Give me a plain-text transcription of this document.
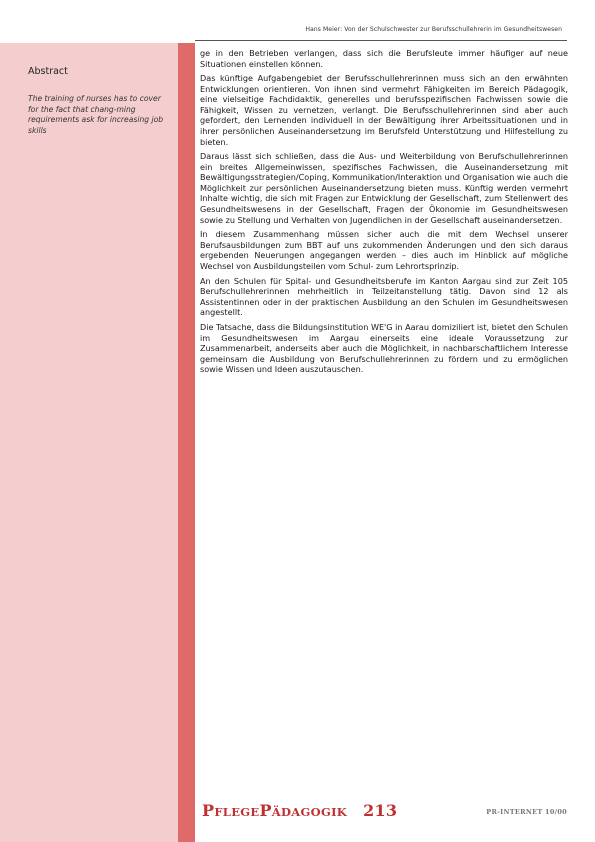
Hans Meier: Von der Schulschwester zur Berufsschullehrerin im Gesundheitswesen
Abstract
The training of nurses has to cover for the fact that chang-ming requirements ask for increasing job skills

ge in den Betrieben verlangen, dass sich die Berufsleute immer häufiger auf neue Situationen einstellen können.

Das künftige Aufgabengebiet der Berufsschullehrerinnen muss sich an den erwähnten Entwicklungen orientieren. Von ihnen sind vermehrt Fähigkeiten im Bereich Pädagogik, eine vielseitige Fachdidaktik, generelles und berufsspezifischen Fachwissen sowie die Fähigkeit, Wissen zu vernetzen, verlangt. Die Berufsschullehrerinnen sind aber auch gefordert, den Lernenden individuell in der Bewältigung ihrer Arbeitssituationen und in ihrer persönlichen Auseinandersetzung im Berufsfeld Unterstützung und Hilfestellung zu bieten.

Daraus lässt sich schließen, dass die Aus- und Weiterbildung von Berufschullehrerinnen ein breites Allgemeinwissen, spezifisches Fachwissen, die Auseinandersetzung mit Bewältigungsstrategien/Coping, Kommunikation/Interaktion und Organisation wie auch die Möglichkeit zur persönlichen Auseinandersetzung bieten muss. Künftig werden vermehrt Inhalte wichtig, die sich mit Fragen zur Entwicklung der Gesellschaft, zum Stellenwert des Gesundheitswesens in der Gesellschaft, Fragen der Ökonomie im Gesundheitswesen sowie zu Stellung und Verhalten von Jugendlichen in der Gesellschaft auseinandersetzen.

In diesem Zusammenhang müssen sicher auch die mit dem Wechsel unserer Berufsausbildungen zum BBT auf uns zukommenden Änderungen und den sich daraus ergebenden Neuerungen angegangen werden – dies auch im Hinblick auf mögliche Wechsel von Ausbildungsteilen vom Schul- zum Lehrortsprinzip.

An den Schulen für Spital- und Gesundheitsberufe im Kanton Aargau sind zur Zeit 105 Berufschullehrerinnen mehrheitlich in Teilzeitanstellung tätig. Davon sind 12 als Assistentinnen oder in der praktischen Ausbildung an den Schulen im Gesundheitswesen angestellt.

Die Tatsache, dass die Bildungsinstitution WE'G in Aarau domiziliert ist, bietet den Schulen im Gesundheitswesen im Aargau einerseits eine ideale Voraussetzung zur Zusammenarbeit, anderseits aber auch die Möglichkeit, in nachbarschaftlichem Interesse gemeinsam die Ausbildung von Berufschullehrerinnen zu fördern und zu ermöglichen sowie Wissen und Ideen auszutauschen.

PFLEGEPÄDAGOGIK 213	PR-INTERNET 10/00
